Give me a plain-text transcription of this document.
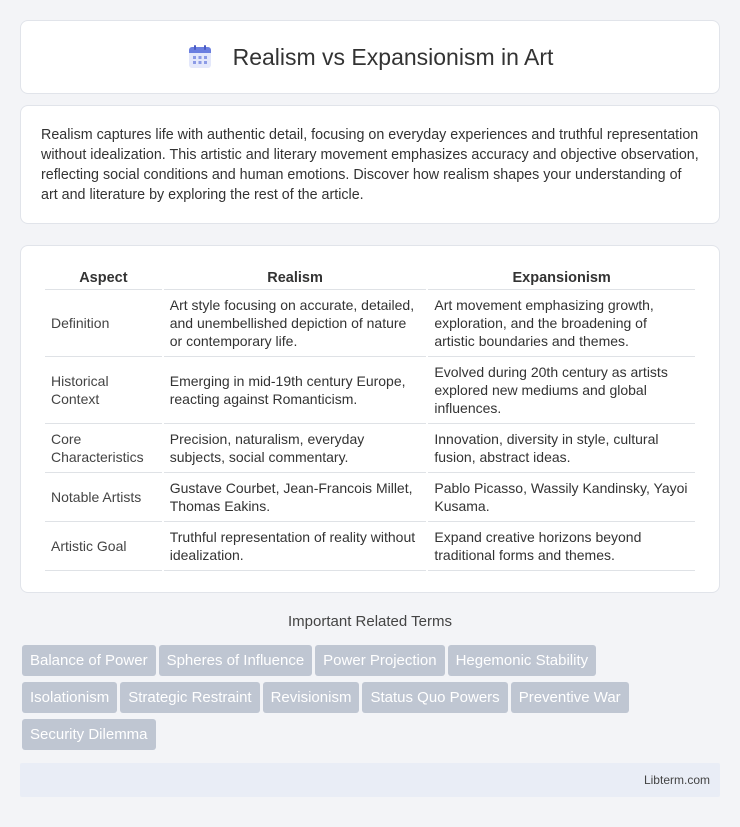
Realism vs Expansionism in Art

Realism captures life with authentic detail, focusing on everyday experiences and truthful representation without idealization. This artistic and literary movement emphasizes accuracy and objective observation, reflecting social conditions and human emotions. Discover how realism shapes your understanding of art and literature by exploring the rest of the article.

Aspect	Realism	Expansionism
Definition	Art style focusing on accurate, detailed, and unembellished depiction of nature or contemporary life.	Art movement emphasizing growth, exploration, and the broadening of artistic boundaries and themes.
Historical Context	Emerging in mid-19th century Europe, reacting against Romanticism.	Evolved during 20th century as artists explored new mediums and global influences.
Core Characteristics	Precision, naturalism, everyday subjects, social commentary.	Innovation, diversity in style, cultural fusion, abstract ideas.
Notable Artists	Gustave Courbet, Jean-Francois Millet, Thomas Eakins.	Pablo Picasso, Wassily Kandinsky, Yayoi Kusama.
Artistic Goal	Truthful representation of reality without idealization.	Expand creative horizons beyond traditional forms and themes.
Important Related Terms
Balance of Power Spheres of Influence Power Projection Hegemonic Stability
Isolationism Strategic Restraint Revisionism Status Quo Powers Preventive War
Security Dilemma
Libterm.com
